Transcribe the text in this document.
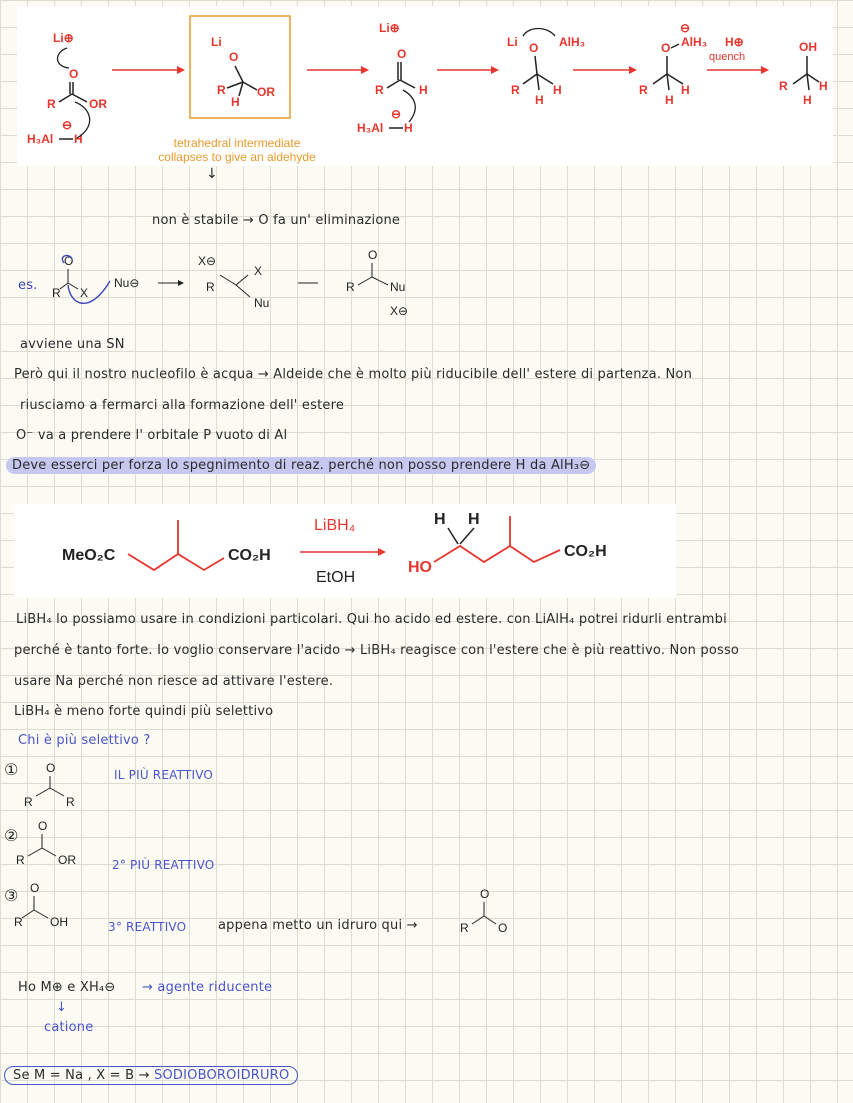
Li⊕
O
R	OR
⊖
H₃Al H
Li
O
R	OR
H
Li⊕
O
R	H
⊖
H₃Al H
Li O AlH₃
R	H
H
⊖
O AlH₃
R	H
H
H⊕
quench
OH
R	H
H
tetrahedral intermediate collapses to give an aldehyde
↓
non è stabile → O fa un' eliminazione
es.
O
R X
Nu⊖
X⊖
R
X
Nu
O
R	Nu
X⊖
avviene una SN
Però qui il nostro nucleofilo è acqua → Aldeide che è molto più riducibile dell' estere di partenza. Non
riusciamo a fermarci alla formazione dell' estere
O⁻ va a prendere l' orbitale P vuoto di Al
Deve esserci per forza lo spegnimento di reaz. perché non posso prendere H da AlH₃⊖
MeO₂C	CO₂H
LiBH₄
EtOH
H H
HO
CO₂H
LiBH₄ lo possiamo usare in condizioni particolari. Qui ho acido ed estere. con LiAlH₄ potrei ridurli entrambi
perché è tanto forte. Io voglio conservare l'acido → LiBH₄ reagisce con l'estere che è più reattivo. Non posso
usare Na perché non riesce ad attivare l'estere.
LiBH₄ è meno forte quindi più selettivo
Chi è più selettivo ?
① O
R	R
IL PIÙ REATTIVO
② O
R	OR	2° PIÙ REATTIVO
③ O
R OH	3° REATTIVO appena metto un idruro qui →
O
R O
Ho M⊕ e XH₄⊖ → agente riducente
↓
catione
Se M = Na , X = B → SODIOBOROIDRURO
